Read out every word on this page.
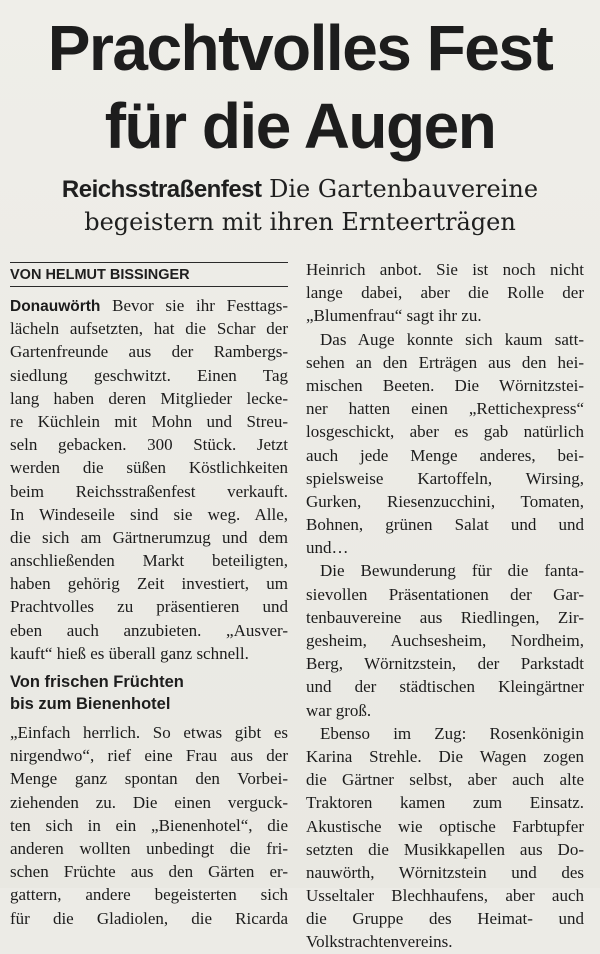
Prachtvolles Fest
für die Augen
Reichsstraßenfest Die Gartenbauvereine
begeistern mit ihren Ernteerträgen
VON HELMUT BISSINGER
Donauwörth Bevor sie ihr Festtags-
lächeln aufsetzten, hat die Schar der
Gartenfreunde aus der Rambergs-
siedlung geschwitzt. Einen Tag
lang haben deren Mitglieder lecke-
re Küchlein mit Mohn und Streu-
seln gebacken. 300 Stück. Jetzt
werden die süßen Köstlichkeiten
beim Reichsstraßenfest verkauft.
In Windeseile sind sie weg. Alle,
die sich am Gärtnerumzug und dem
anschließenden Markt beteiligten,
haben gehörig Zeit investiert, um
Prachtvolles zu präsentieren und
eben auch anzubieten. „Ausver-
kauft“ hieß es überall ganz schnell.
Von frischen Früchten
bis zum Bienenhotel
„Einfach herrlich. So etwas gibt es
nirgendwo“, rief eine Frau aus der
Menge ganz spontan den Vorbei-
ziehenden zu. Die einen verguck-
ten sich in ein „Bienenhotel“, die
anderen wollten unbedingt die fri-
schen Früchte aus den Gärten er-
gattern, andere begeisterten sich
für die Gladiolen, die Ricarda
Heinrich anbot. Sie ist noch nicht
lange dabei, aber die Rolle der
„Blumenfrau“ sagt ihr zu.
Das Auge konnte sich kaum satt-
sehen an den Erträgen aus den hei-
mischen Beeten. Die Wörnitzstei-
ner hatten einen „Rettichexpress“
losgeschickt, aber es gab natürlich
auch jede Menge anderes, bei-
spielsweise Kartoffeln, Wirsing,
Gurken, Riesenzucchini, Tomaten,
Bohnen, grünen Salat und und
und…
Die Bewunderung für die fanta-
sievollen Präsentationen der Gar-
tenbauvereine aus Riedlingen, Zir-
gesheim, Auchsesheim, Nordheim,
Berg, Wörnitzstein, der Parkstadt
und der städtischen Kleingärtner
war groß.
Ebenso im Zug: Rosenkönigin
Karina Strehle. Die Wagen zogen
die Gärtner selbst, aber auch alte
Traktoren kamen zum Einsatz.
Akustische wie optische Farbtupfer
setzten die Musikkapellen aus Do-
nauwörth, Wörnitzstein und des
Usseltaler Blechhaufens, aber auch
die Gruppe des Heimat- und
Volkstrachtenvereins.
